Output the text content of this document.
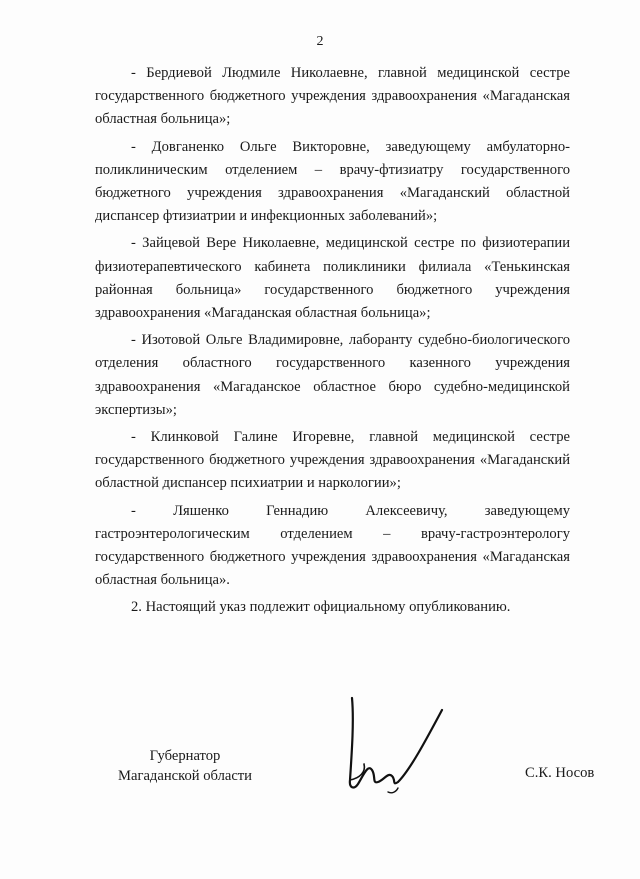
2

- Бердиевой Людмиле Николаевне, главной медицинской сестре государственного бюджетного учреждения здравоохранения «Магаданская областная больница»;

- Довганенко Ольге Викторовне, заведующему амбулаторно-поликлиническим отделением – врачу-фтизиатру государственного бюджетного учреждения здравоохранения «Магаданский областной диспансер фтизиатрии и инфекционных заболеваний»;

- Зайцевой Вере Николаевне, медицинской сестре по физиотерапии физиотерапевтического кабинета поликлиники филиала «Тенькинская районная больница» государственного бюджетного учреждения здравоохранения «Магаданская областная больница»;

- Изотовой Ольге Владимировне, лаборанту судебно-биологического отделения областного государственного казенного учреждения здравоохранения «Магаданское областное бюро судебно-медицинской экспертизы»;

- Клинковой Галине Игоревне, главной медицинской сестре государственного бюджетного учреждения здравоохранения «Магаданский областной диспансер психиатрии и наркологии»;

- Ляшенко Геннадию Алексеевичу, заведующему гастроэнтерологическим отделением – врачу-гастроэнтерологу государственного бюджетного учреждения здравоохранения «Магаданская областная больница».

2. Настоящий указ подлежит официальному опубликованию.

Губернатор
Магаданской области	С.К. Носов
